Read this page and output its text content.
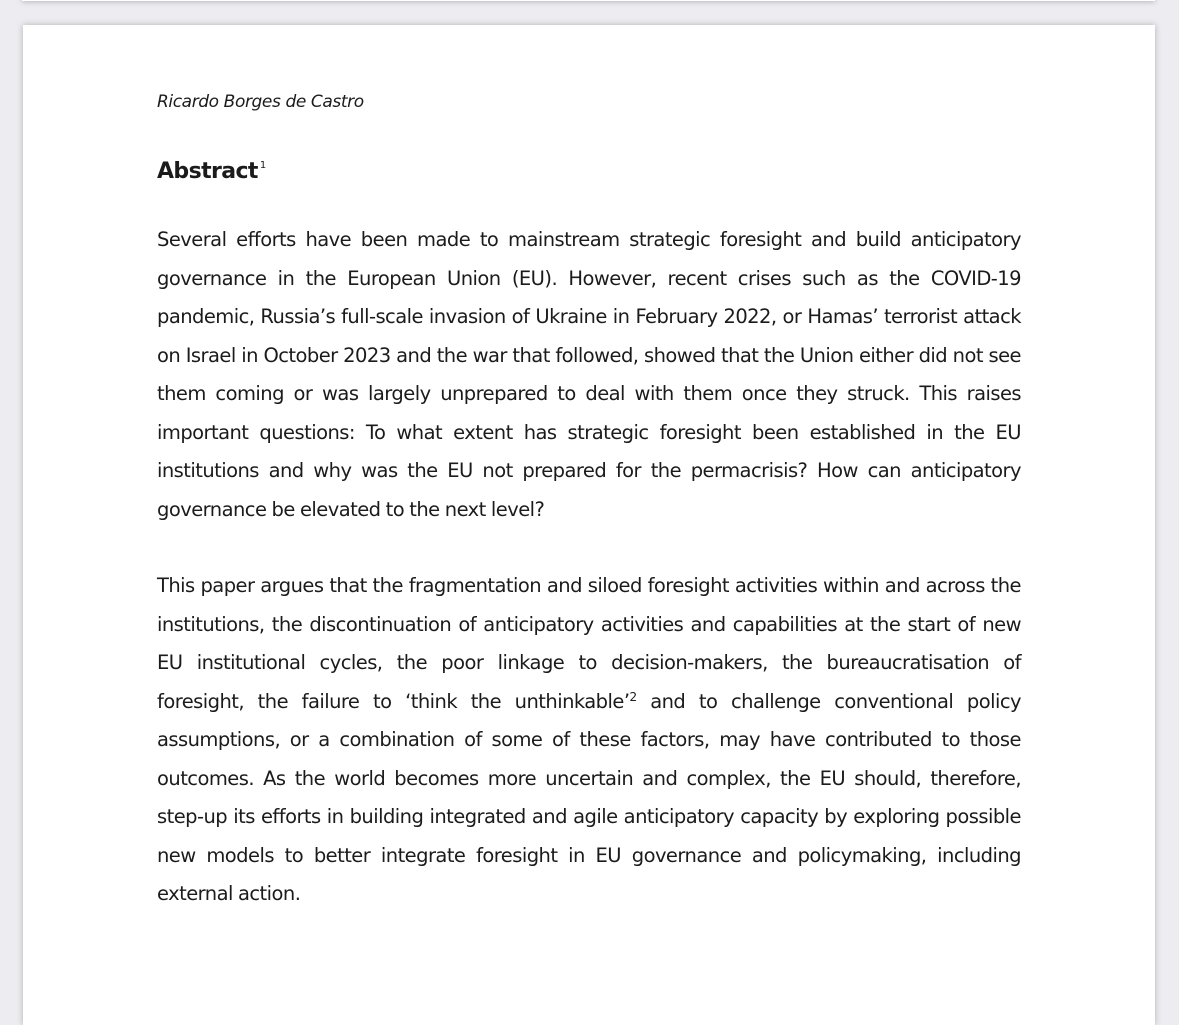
Ricardo Borges de Castro
Abstract $^1$

Several efforts have been made to mainstream strategic foresight and build anticipatory governance in the European Union (EU). However, recent crises such as the COVID-19 pandemic, Russia’s full-scale invasion of Ukraine in February 2022, or Hamas’ terrorist attack on Israel in October 2023 and the war that followed, showed that the Union either did not see them coming or was largely unprepared to deal with them once they struck. This raises important questions: To what extent has strategic foresight been established in the EU institutions and why was the EU not prepared for the permacrisis? How can anticipatory governance be elevated to the next level?

This paper argues that the fragmentation and siloed foresight activities within and across the institutions, the discontinuation of anticipatory activities and capabilities at the start of new EU institutional cycles, the poor linkage to decision-makers, the bureaucratisation of foresight, the failure to ‘think the unthinkable’$^2$ and to challenge conventional policy assumptions, or a combination of some of these factors, may have contributed to those outcomes. As the world becomes more uncertain and complex, the EU should, therefore, step-up its efforts in building integrated and agile anticipatory capacity by exploring possible new models to better integrate foresight in EU governance and policymaking, including external action.
